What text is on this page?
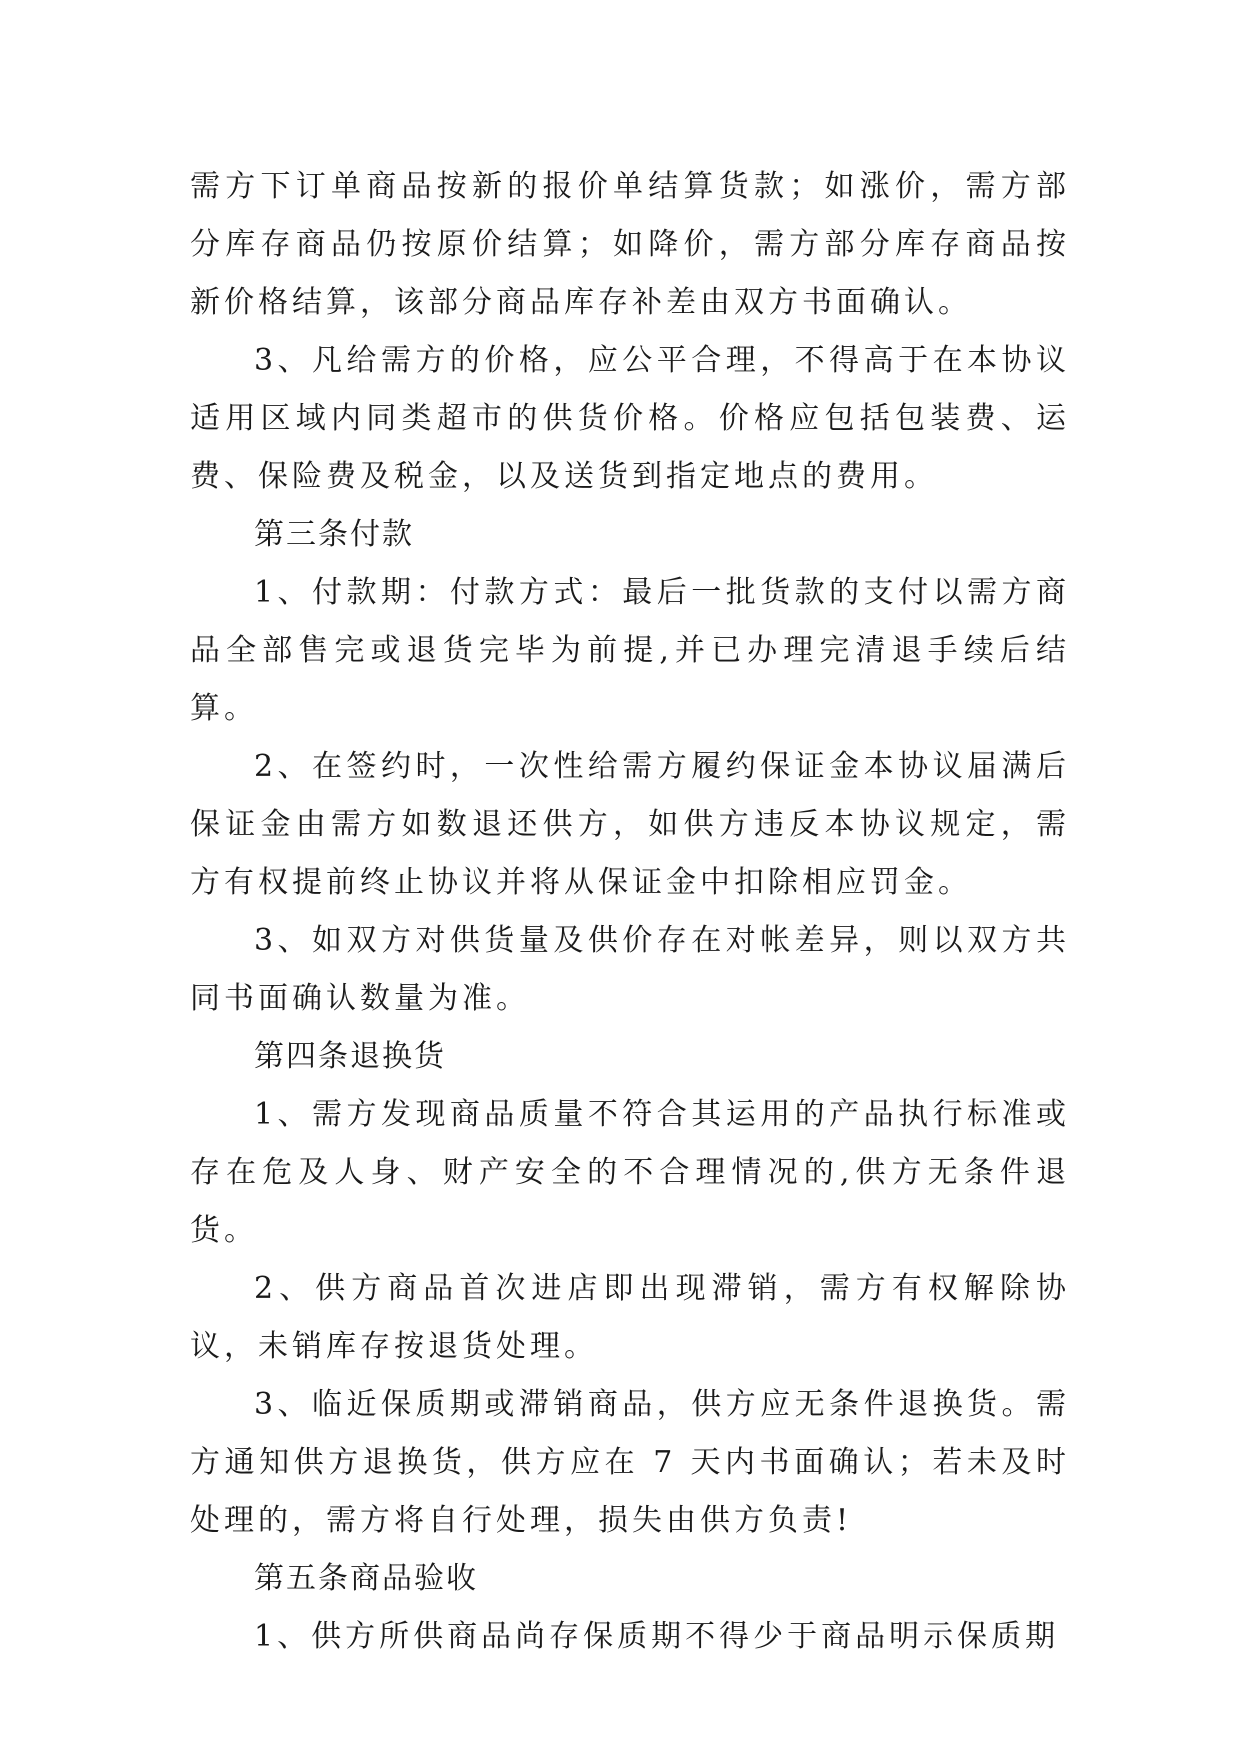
需方下订单商品按新的报价单结算货款；如涨价，需方部分库存商品仍按原价结算；如降价，需方部分库存商品按新价格结算，该部分商品库存补差由双方书面确认。

3、凡给需方的价格，应公平合理，不得高于在本协议适用区域内同类超市的供货价格。价格应包括包装费、运费、保险费及税金，以及送货到指定地点的费用。

第三条付款

1、付款期：付款方式：最后一批货款的支付以需方商品全部售完或退货完毕为前提,并已办理完清退手续后结算。

2、在签约时，一次性给需方履约保证金本协议届满后保证金由需方如数退还供方，如供方违反本协议规定，需方有权提前终止协议并将从保证金中扣除相应罚金。

3、如双方对供货量及供价存在对帐差异，则以双方共同书面确认数量为准。

第四条退换货

1、需方发现商品质量不符合其运用的产品执行标准或存在危及人身、财产安全的不合理情况的,供方无条件退货。

2、供方商品首次进店即出现滞销，需方有权解除协议，未销库存按退货处理。

3、临近保质期或滞销商品，供方应无条件退换货。需方通知供方退换货，供方应在 7 天内书面确认；若未及时处理的，需方将自行处理，损失由供方负责!

第五条商品验收

1、供方所供商品尚存保质期不得少于商品明示保质期
